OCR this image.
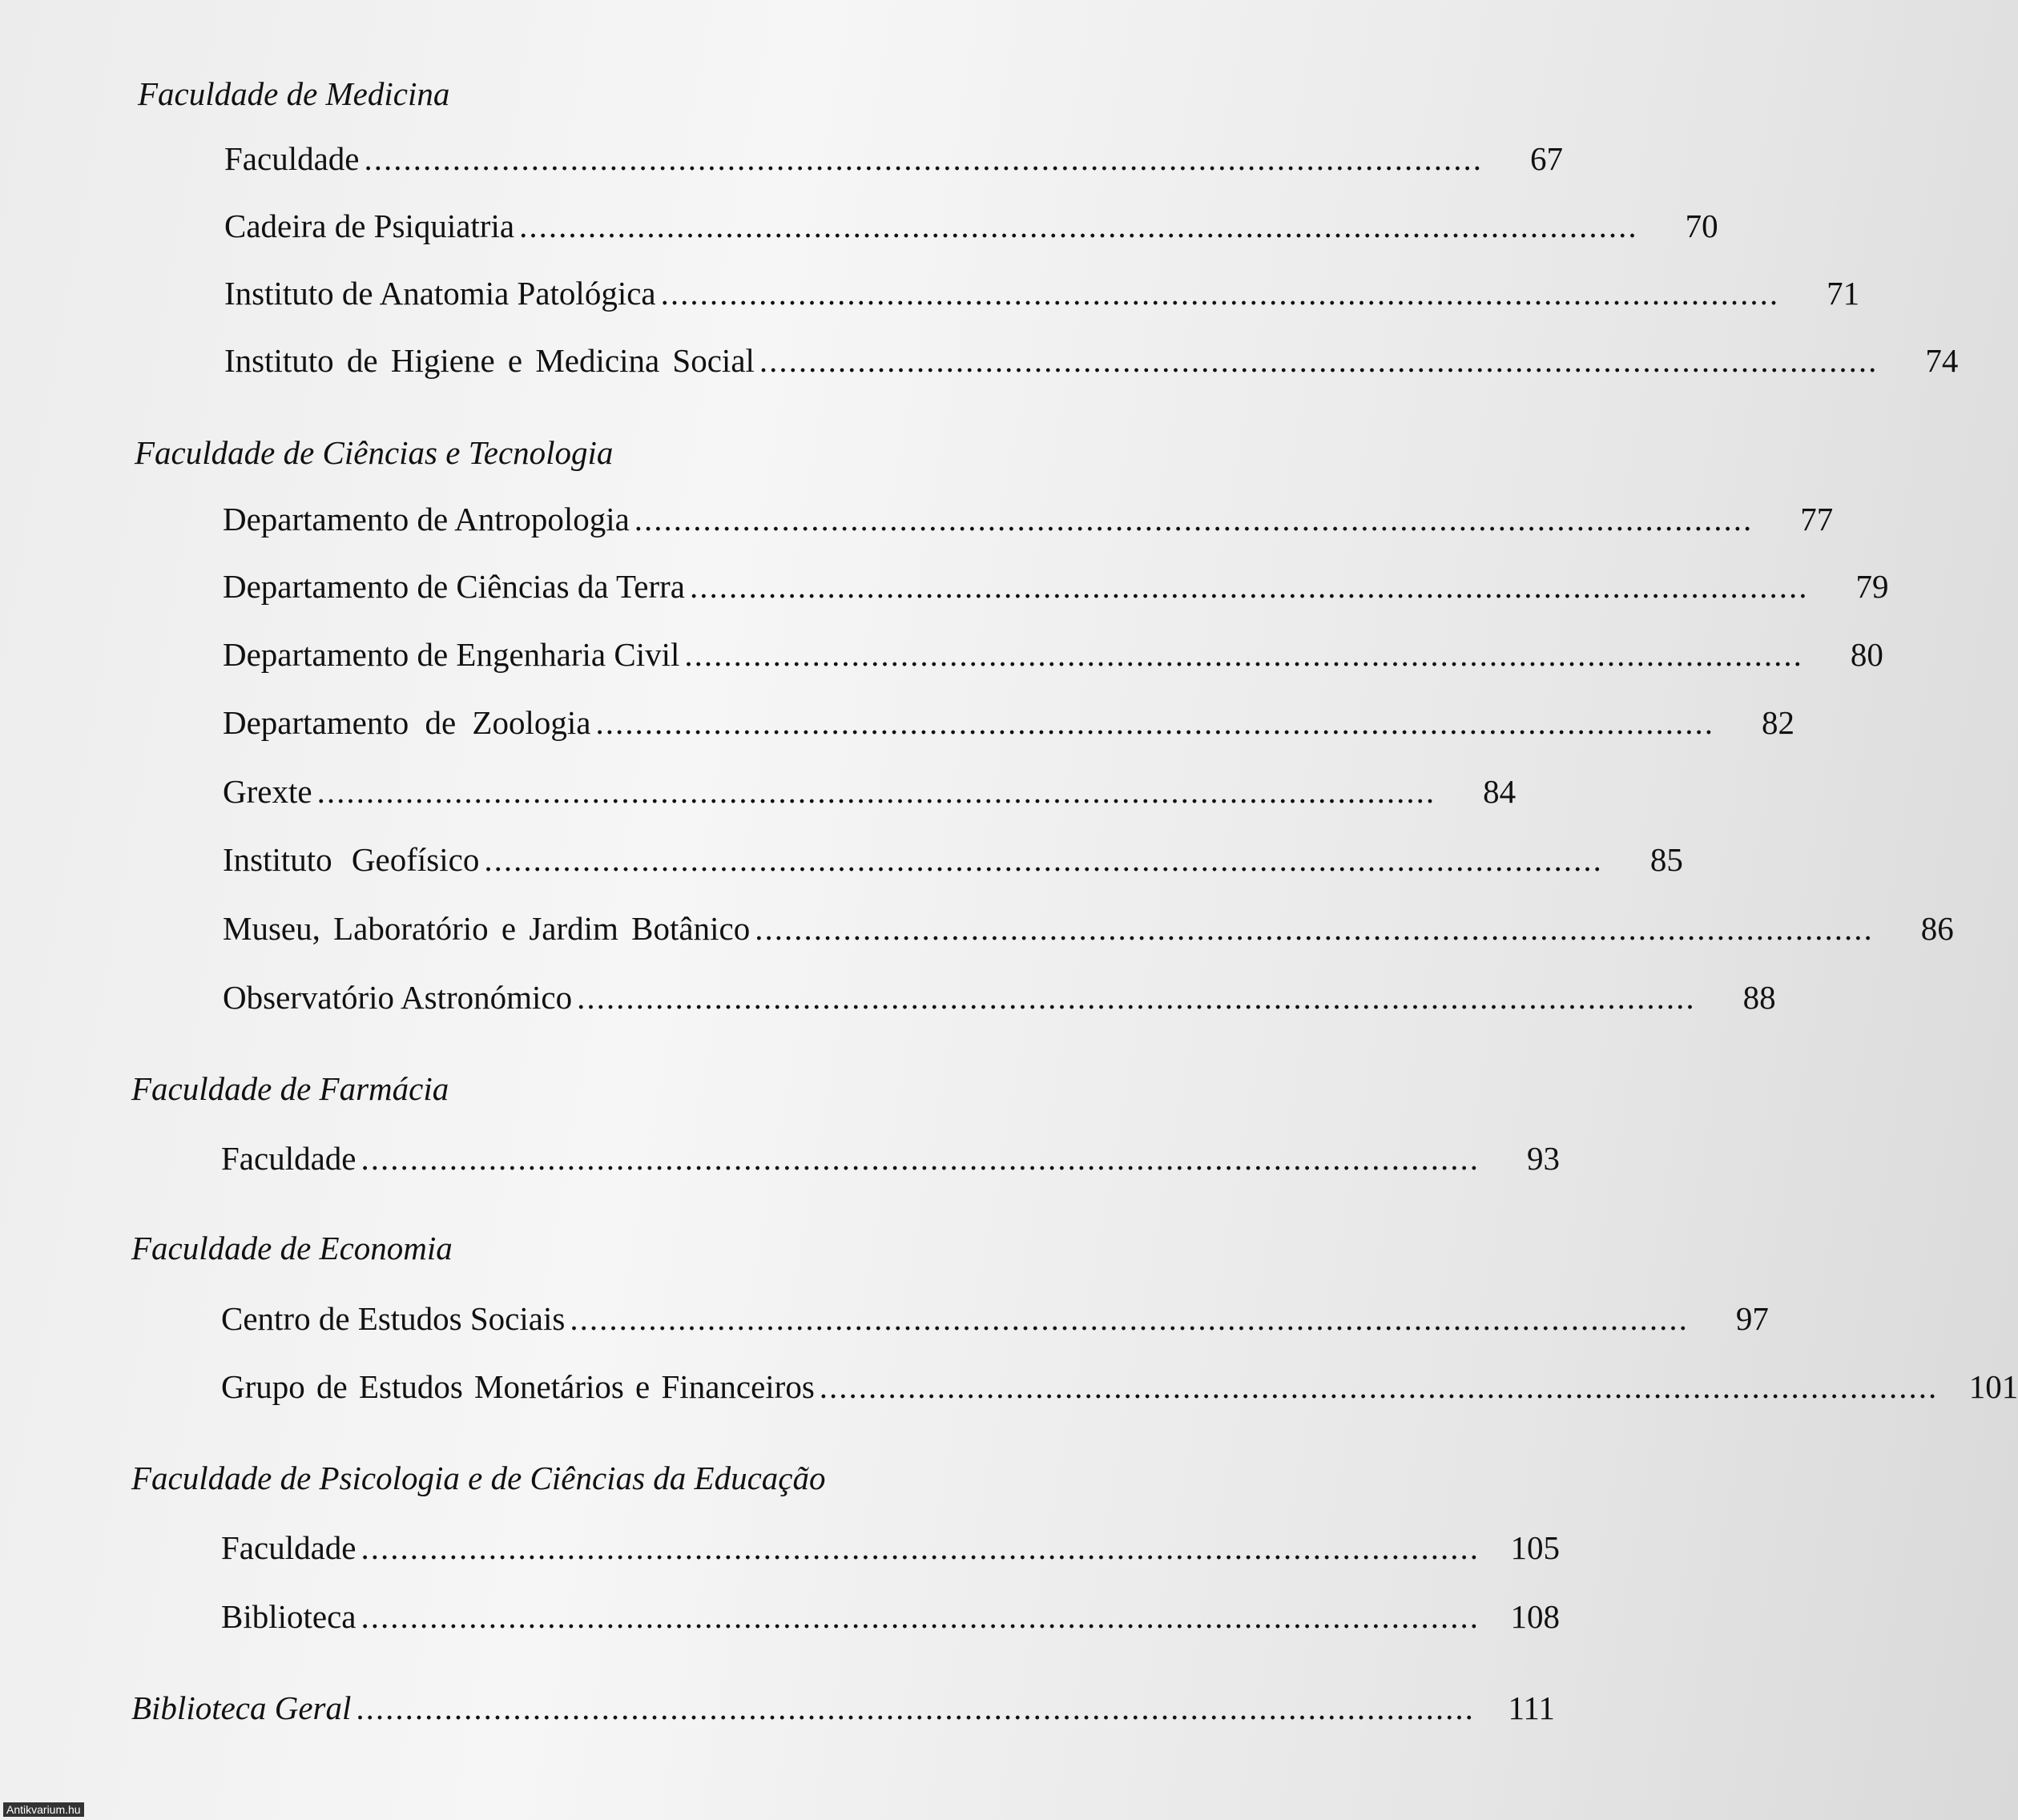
Faculdade de Medicina
Faculdade ..................................................................................................................	67
Cadeira de Psiquiatria ..................................................................................................................	70
Instituto de Anatomia Patológica ..................................................................................................................	71
Instituto de Higiene e Medicina Social ..................................................................................................................	74
Faculdade de Ciências e Tecnologia
Departamento de Antropologia ..................................................................................................................	77
Departamento de Ciências da Terra ..................................................................................................................	79
Departamento de Engenharia Civil ..................................................................................................................	80
Departamento de Zoologia ..................................................................................................................	82
Grexte ..................................................................................................................	84
Instituto Geofísico ..................................................................................................................	85
Museu, Laboratório e Jardim Botânico ..................................................................................................................	86
Observatório Astronómico ..................................................................................................................	88
Faculdade de Farmácia
Faculdade ..................................................................................................................	93
Faculdade de Economia
Centro de Estudos Sociais ..................................................................................................................	97
Grupo de Estudos Monetários e Financeiros .................................................................................................................. 101
Faculdade de Psicologia e de Ciências da Educação
Faculdade .................................................................................................................. 105
Biblioteca .................................................................................................................. 108
Biblioteca Geral ..................................................................................................................	111
Antikvarium.hu
